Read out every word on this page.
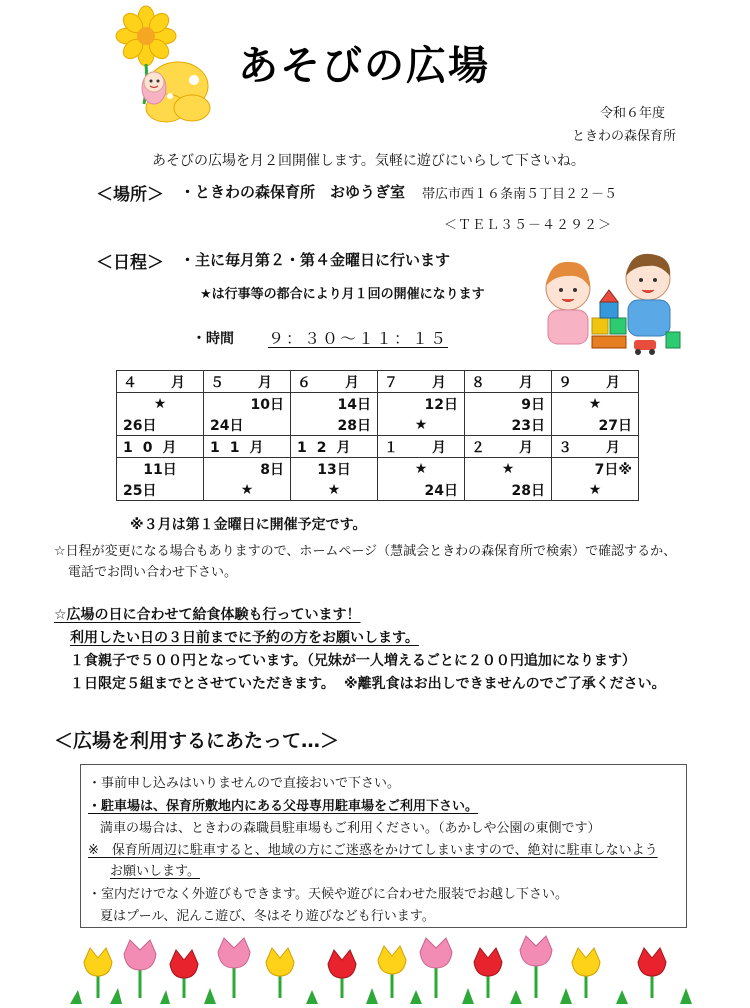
あそびの広場
令和６年度
ときわの森保育所
あそびの広場を月２回開催します。気軽に遊びにいらして下さいね。
＜場所＞ ・ときわの森保育所　おゆうぎ室 帯広市西１６条南５丁目２２－５
＜ＴＥＬ３５－４２９２＞
＜日程＞ ・主に毎月第２・第４金曜日に行います
★は行事等の都合により月１回の開催になります
・時間 ９：３０～１１：１５
４　月	５　月	６　月	７　月	８　月	９　月
★	10日	14日	12日	9日	★
26日	24日	28日	★	23日	27日
10月	11月	12月	１　月	２　月	３　月
11日	8日	13日	★	★	7日※
25日	★	★	24日	28日	★
※３月は第１金曜日に開催予定です。
☆日程が変更になる場合もありますので、ホームページ（慧誠会ときわの森保育所で検索）で確認するか、
電話でお問い合わせ下さい。
☆広場の日に合わせて給食体験も行っています！
利用したい日の３日前までに予約の方をお願いします。
１食親子で５００円となっています。（兄妹が一人増えるごとに２００円追加になります）
１日限定５組までとさせていただきます。 ※離乳食はお出しできませんのでご了承ください。
＜広場を利用するにあたって…＞
・事前申し込みはいりませんので直接おいで下さい。
・駐車場は、保育所敷地内にある父母専用駐車場をご利用下さい。
満車の場合は、ときわの森職員駐車場もご利用ください。（あかしや公園の東側です）
※　保育所周辺に駐車すると、地域の方にご迷惑をかけてしまいますので、絶対に駐車しないよう
お願いします。
・室内だけでなく外遊びもできます。天候や遊びに合わせた服装でお越し下さい。
夏はプール、泥んこ遊び、冬はそり遊びなども行います。
